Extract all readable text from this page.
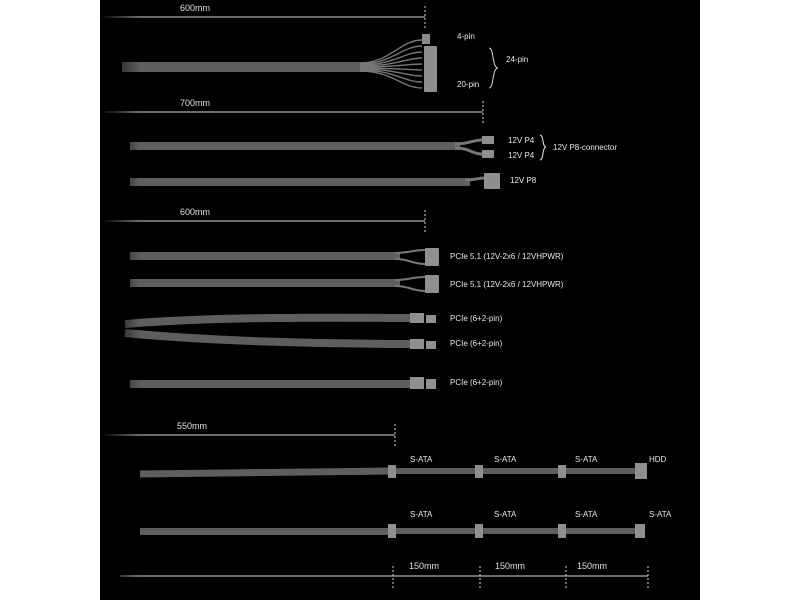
600mm
700mm
600mm
550mm
150mm	150mm	150mm
4-pin
20-pin
24-pin
12V P4
12V P4
12V P8-connector
12V P8
PCIe 5.1 (12V-2x6 / 12VHPWR)
PCIe 5.1 (12V-2x6 / 12VHPWR)
PCIe (6+2-pin)
PCIe (6+2-pin)
PCIe (6+2-pin)
S-ATA	S-ATA	S-ATA	HDD
S-ATA	S-ATA	S-ATA	S-ATA
